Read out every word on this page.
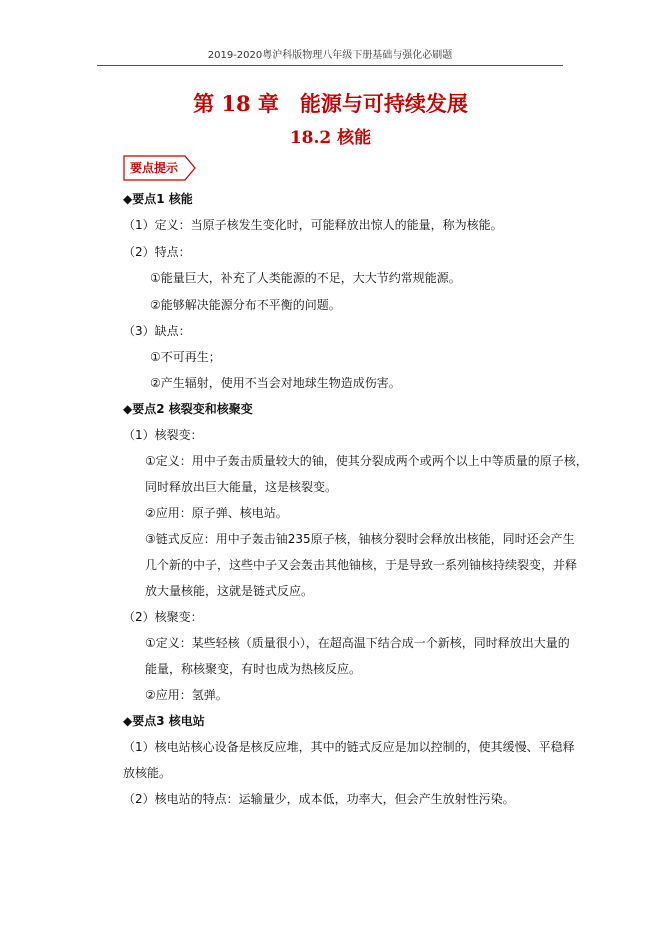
2019-2020粤沪科版物理八年级下册基础与强化必刷题
第 18 章　能源与可持续发展
18.2 核能
要点提示
◆要点1 核能
（1）定义：当原子核发生变化时，可能释放出惊人的能量，称为核能。
（2）特点：
①能量巨大，补充了人类能源的不足，大大节约常规能源。
②能够解决能源分布不平衡的问题。
（3）缺点：
①不可再生；
②产生辐射，使用不当会对地球生物造成伤害。
◆要点2 核裂变和核聚变
（1）核裂变：
①定义：用中子轰击质量较大的铀，使其分裂成两个或两个以上中等质量的原子核，
同时释放出巨大能量，这是核裂变。
②应用：原子弹、核电站。
③链式反应：用中子轰击铀235原子核，铀核分裂时会释放出核能，同时还会产生
几个新的中子，这些中子又会轰击其他铀核，于是导致一系列铀核持续裂变，并释
放大量核能，这就是链式反应。
（2）核聚变：
①定义：某些轻核（质量很小），在超高温下结合成一个新核，同时释放出大量的
能量，称核聚变，有时也成为热核反应。
②应用：氢弹。
◆要点3 核电站
（1）核电站核心设备是核反应堆，其中的链式反应是加以控制的，使其缓慢、平稳释
放核能。
（2）核电站的特点：运输量少，成本低，功率大，但会产生放射性污染。
